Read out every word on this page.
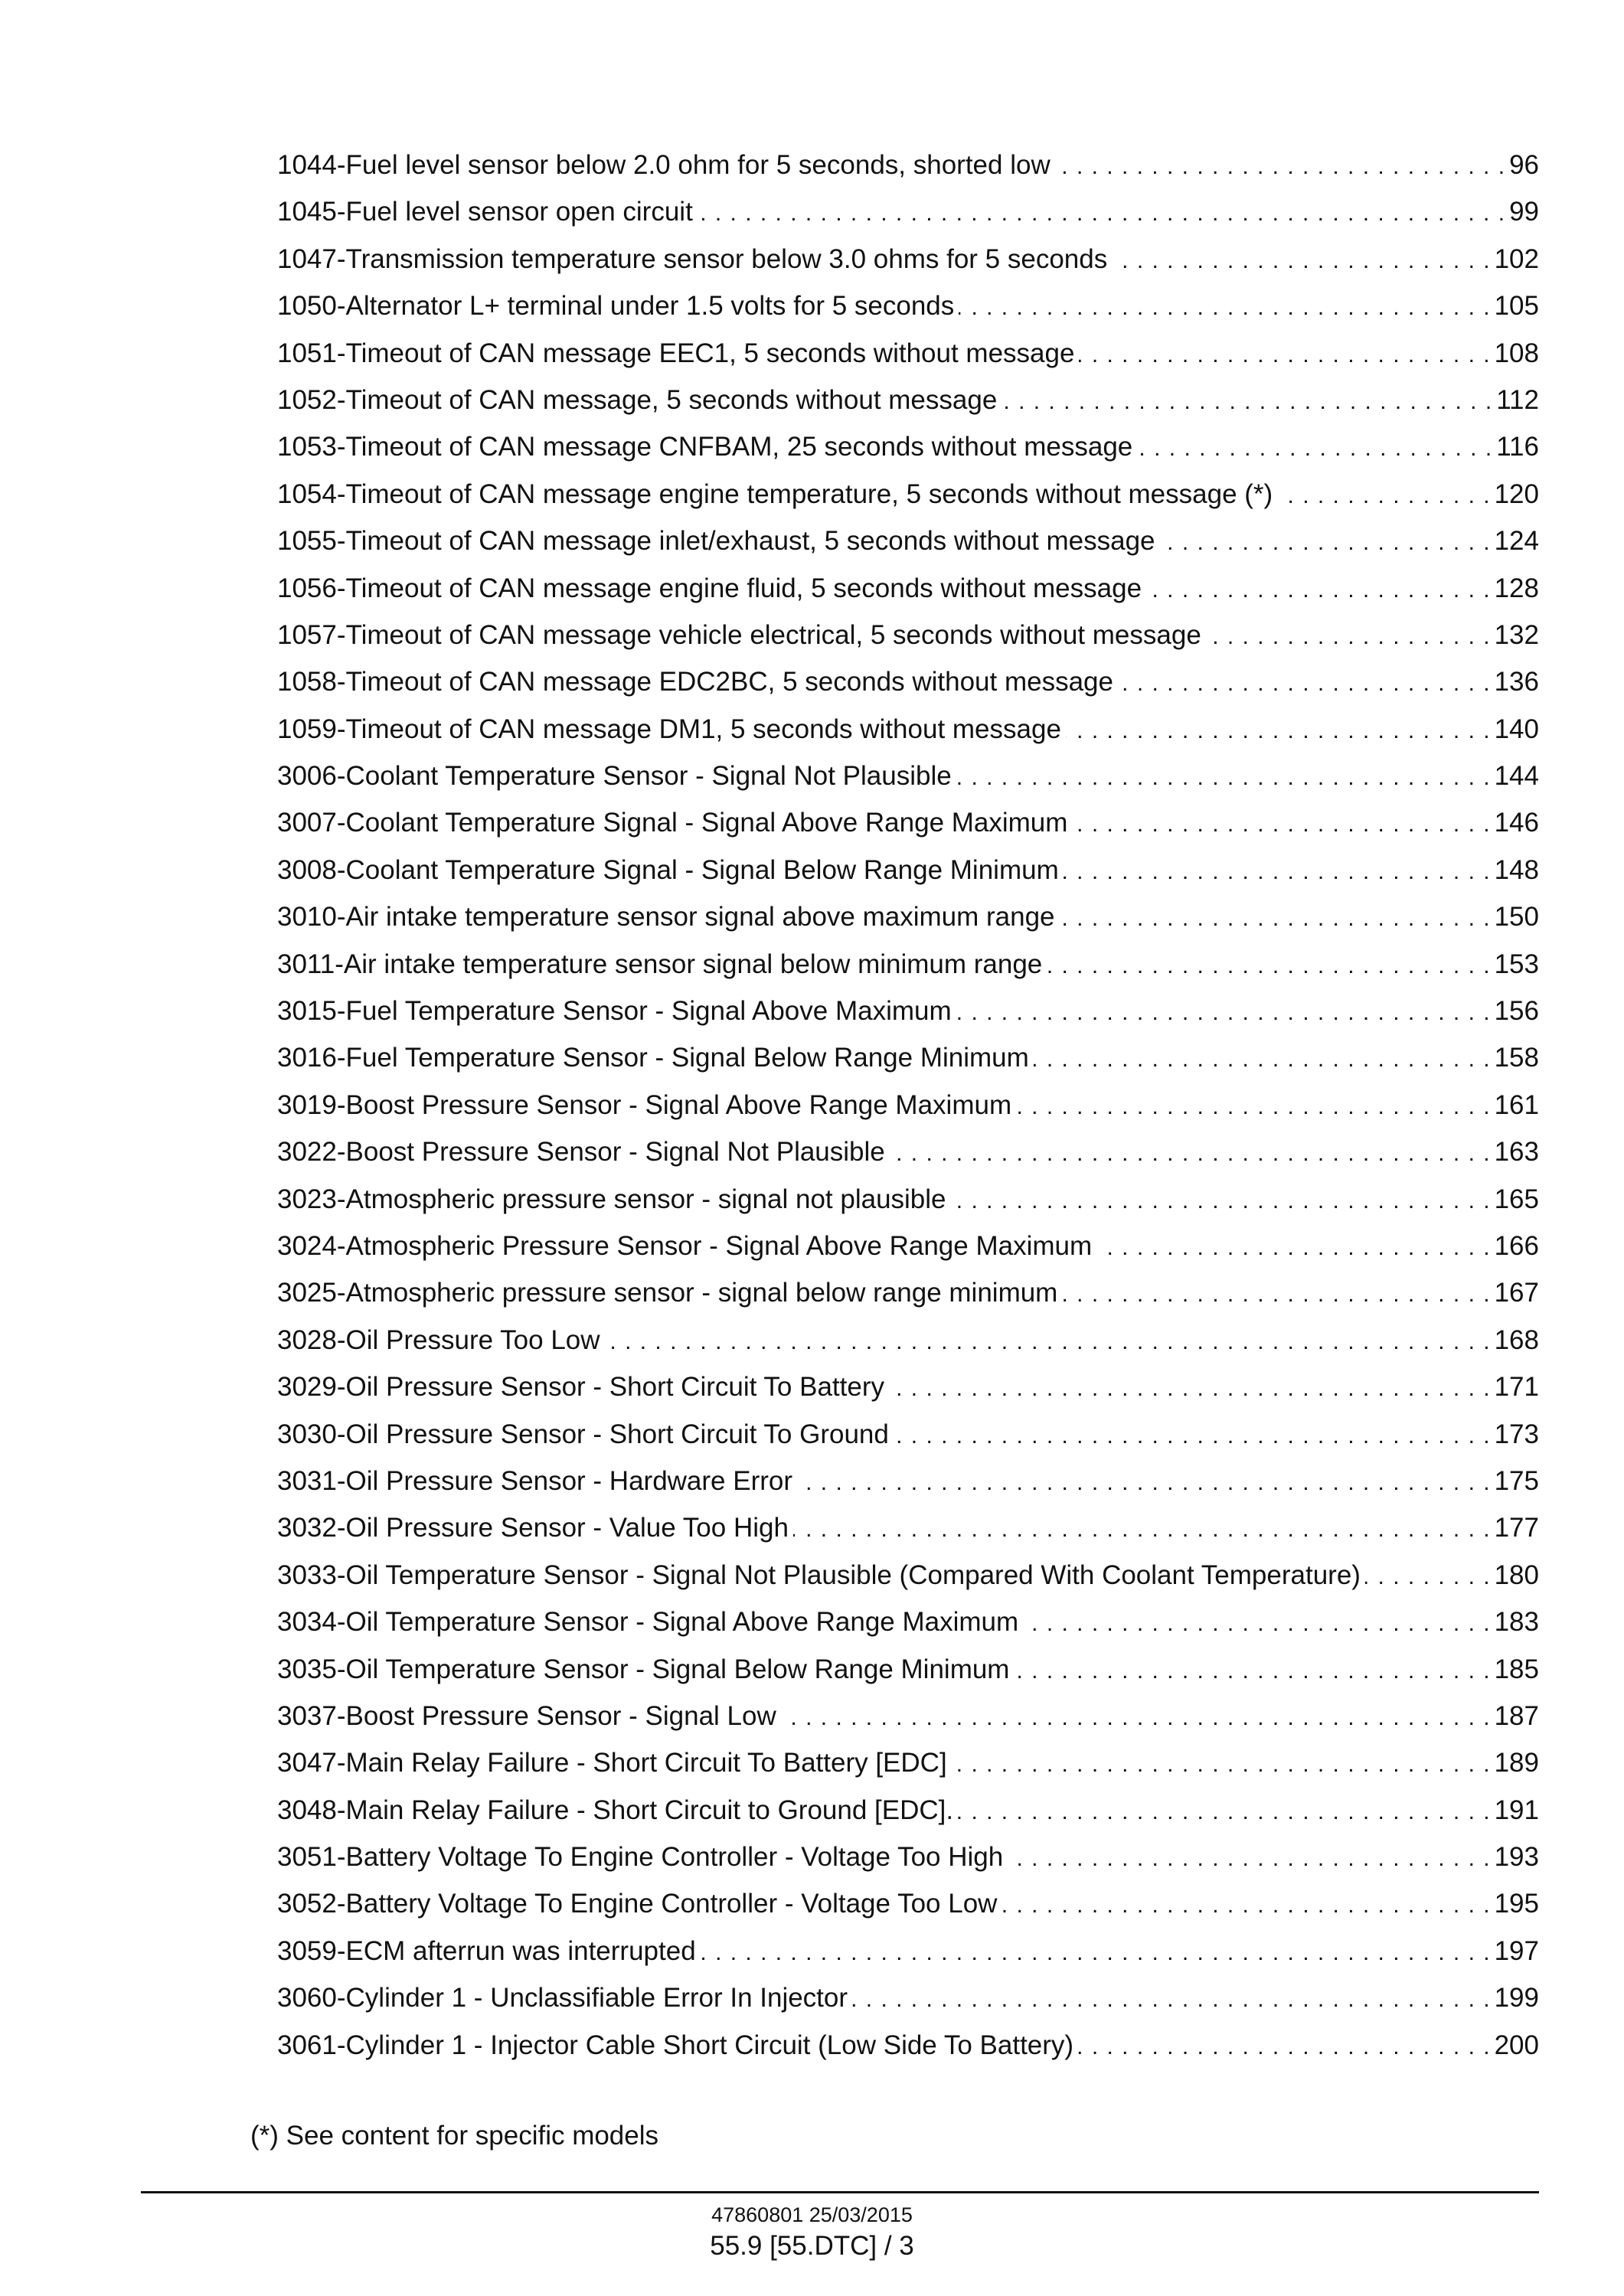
1044-Fuel level sensor below 2.0 ohm for 5 seconds, shorted low . . .	96
1045-Fuel level sensor open circuit . . .	99
1047-Transmission temperature sensor below 3.0 ohms for 5 seconds . . .	102
1050-Alternator L+ terminal under 1.5 volts for 5 seconds . . .	105
1051-Timeout of CAN message EEC1, 5 seconds without message . . .	108
1052-Timeout of CAN message, 5 seconds without message . . .	112
1053-Timeout of CAN message CNFBAM, 25 seconds without message . . .	116
1054-Timeout of CAN message engine temperature, 5 seconds without message (*) . . .	120
1055-Timeout of CAN message inlet/exhaust, 5 seconds without message . . .	124
1056-Timeout of CAN message engine fluid, 5 seconds without message . . .	128
1057-Timeout of CAN message vehicle electrical, 5 seconds without message . . .	132
1058-Timeout of CAN message EDC2BC, 5 seconds without message . . .	136
1059-Timeout of CAN message DM1, 5 seconds without message . . .	140
3006-Coolant Temperature Sensor - Signal Not Plausible . . .	144
3007-Coolant Temperature Signal - Signal Above Range Maximum . . .	146
3008-Coolant Temperature Signal - Signal Below Range Minimum . . .	148
3010-Air intake temperature sensor signal above maximum range . . .	150
3011-Air intake temperature sensor signal below minimum range . . .	153
3015-Fuel Temperature Sensor - Signal Above Maximum . . .	156
3016-Fuel Temperature Sensor - Signal Below Range Minimum . . .	158
3019-Boost Pressure Sensor - Signal Above Range Maximum . . .	161
3022-Boost Pressure Sensor - Signal Not Plausible . . .	163
3023-Atmospheric pressure sensor - signal not plausible . . .	165
3024-Atmospheric Pressure Sensor - Signal Above Range Maximum . . .	166
3025-Atmospheric pressure sensor - signal below range minimum . . .	167
3028-Oil Pressure Too Low . . .	168
3029-Oil Pressure Sensor - Short Circuit To Battery . . .	171
3030-Oil Pressure Sensor - Short Circuit To Ground . . .	173
3031-Oil Pressure Sensor - Hardware Error . . .	175
3032-Oil Pressure Sensor - Value Too High . . .	177
3033-Oil Temperature Sensor - Signal Not Plausible (Compared With Coolant Temperature) . . .	180
3034-Oil Temperature Sensor - Signal Above Range Maximum . . .	183
3035-Oil Temperature Sensor - Signal Below Range Minimum . . .	185
3037-Boost Pressure Sensor - Signal Low . . .	187
3047-Main Relay Failure - Short Circuit To Battery [EDC] . . .	189
3048-Main Relay Failure - Short Circuit to Ground [EDC]. . . .	191
3051-Battery Voltage To Engine Controller - Voltage Too High . . .	193
3052-Battery Voltage To Engine Controller - Voltage Too Low . . .	195
3059-ECM afterrun was interrupted . . .	197
3060-Cylinder 1 - Unclassifiable Error In Injector . . .	199
3061-Cylinder 1 - Injector Cable Short Circuit (Low Side To Battery) . . .	200
(*) See content for specific models
47860801 25/03/2015
55.9 [55.DTC] / 3
